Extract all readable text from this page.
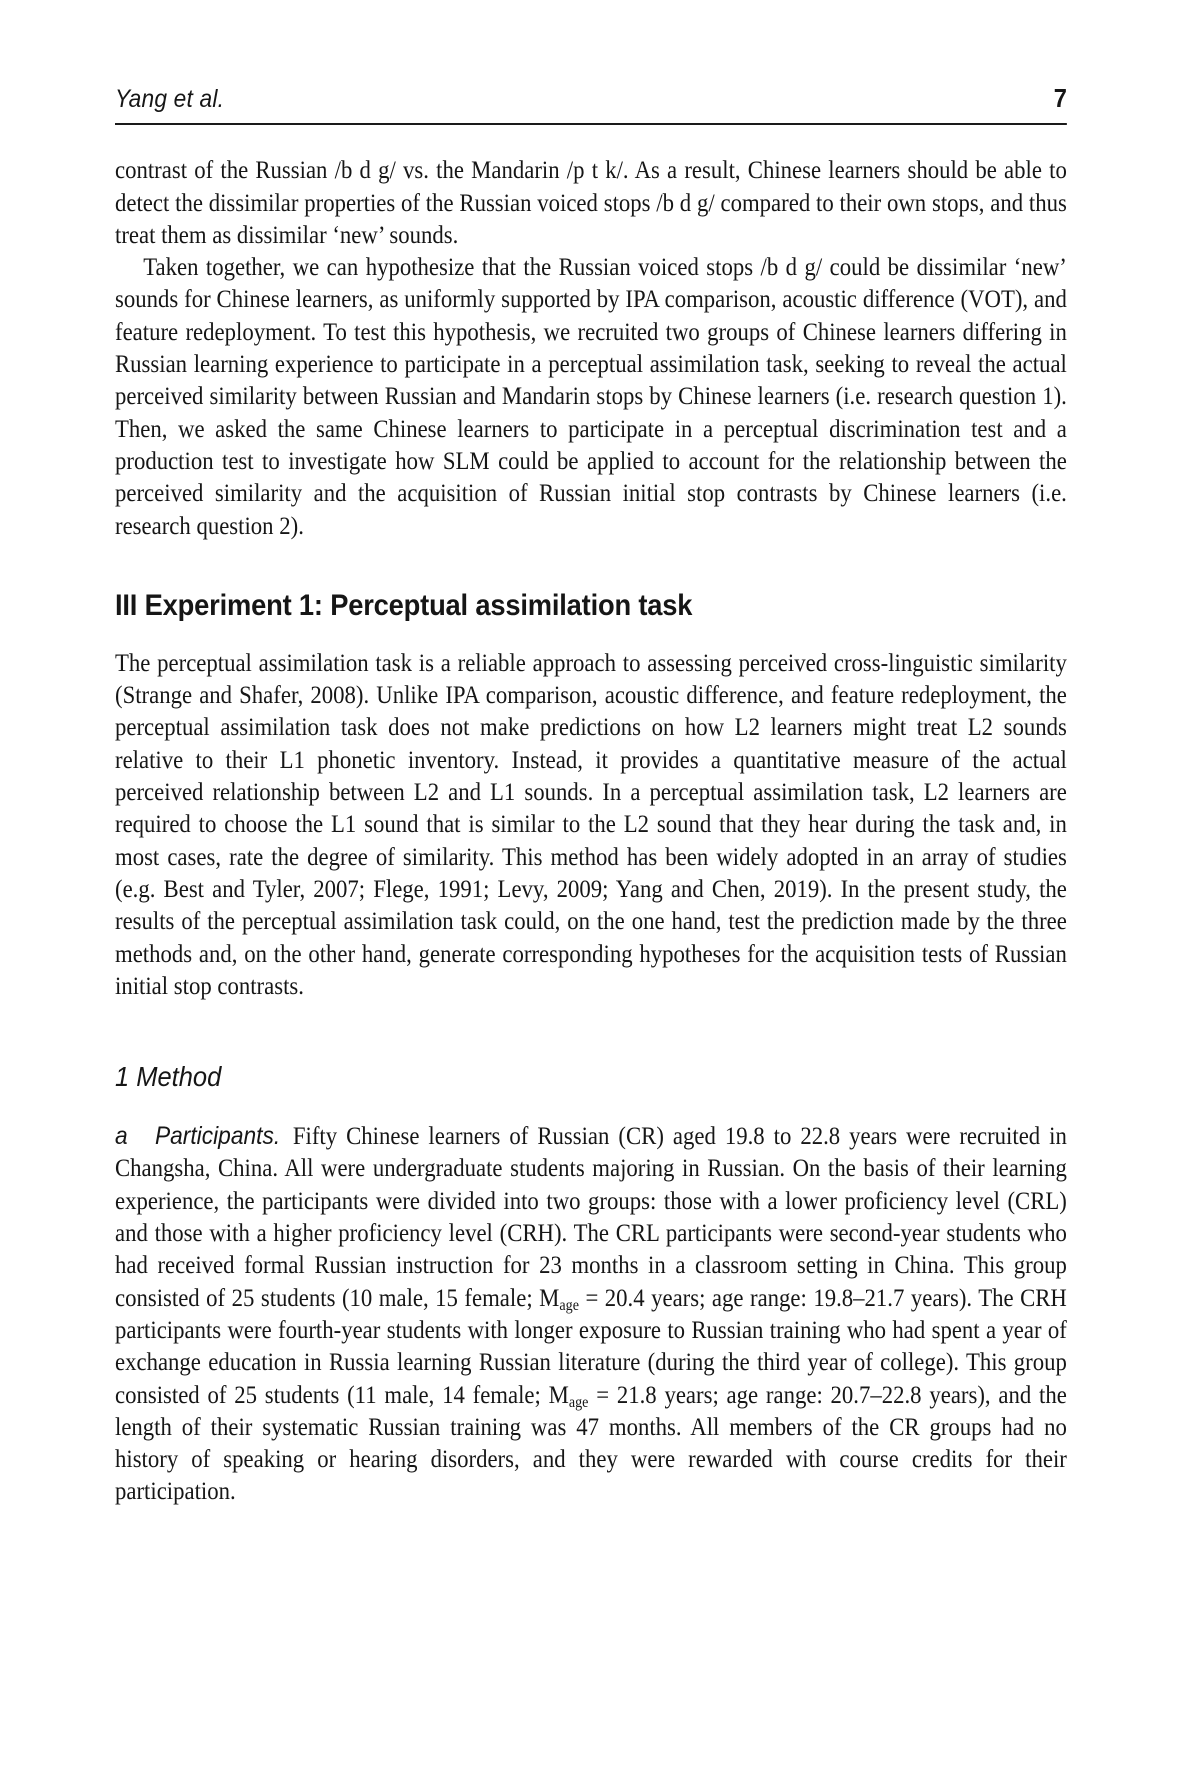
Yang et al.	7

contrast of the Russian /b d g/ vs. the Mandarin /p t k/. As a result, Chinese learners should be able to detect the dissimilar properties of the Russian voiced stops /b d g/ compared to their own stops, and thus treat them as dissimilar ‘new’ sounds.

Taken together, we can hypothesize that the Russian voiced stops /b d g/ could be dissimilar ‘new’ sounds for Chinese learners, as uniformly supported by IPA comparison, acoustic difference (VOT), and feature redeployment. To test this hypothesis, we recruited two groups of Chinese learners differing in Russian learning experience to participate in a perceptual assimilation task, seeking to reveal the actual perceived similarity between Russian and Mandarin stops by Chinese learners (i.e. research question 1). Then, we asked the same Chinese learners to participate in a perceptual discrimination test and a production test to investigate how SLM could be applied to account for the relationship between the perceived similarity and the acquisition of Russian initial stop contrasts by Chinese learners (i.e. research question 2).

III Experiment 1: Perceptual assimilation task

The perceptual assimilation task is a reliable approach to assessing perceived cross-linguistic similarity (Strange and Shafer, 2008). Unlike IPA comparison, acoustic difference, and feature redeployment, the perceptual assimilation task does not make predictions on how L2 learners might treat L2 sounds relative to their L1 phonetic inventory. Instead, it provides a quantitative measure of the actual perceived relationship between L2 and L1 sounds. In a perceptual assimilation task, L2 learners are required to choose the L1 sound that is similar to the L2 sound that they hear during the task and, in most cases, rate the degree of similarity. This method has been widely adopted in an array of studies (e.g. Best and Tyler, 2007; Flege, 1991; Levy, 2009; Yang and Chen, 2019). In the present study, the results of the perceptual assimilation task could, on the one hand, test the prediction made by the three methods and, on the other hand, generate corresponding hypotheses for the acquisition tests of Russian initial stop contrasts.

1 Method

a Participants. Fifty Chinese learners of Russian (CR) aged 19.8 to 22.8 years were recruited in Changsha, China. All were undergraduate students majoring in Russian. On the basis of their learning experience, the participants were divided into two groups: those with a lower proficiency level (CRL) and those with a higher proficiency level (CRH). The CRL participants were second-year students who had received formal Russian instruction for 23 months in a classroom setting in China. This group consisted of 25 students (10 male, 15 female; $M_{age} = 20.4$ years; age range: 19.8–21.7 years). The CRH participants were fourth-year students with longer exposure to Russian training who had spent a year of exchange education in Russia learning Russian literature (during the third year of college). This group consisted of 25 students (11 male, 14 female; $M_{age} = 21.8$ years; age range: 20.7–22.8 years), and the length of their systematic Russian training was 47 months. All members of the CR groups had no history of speaking or hearing disorders, and they were rewarded with course credits for their participation.
